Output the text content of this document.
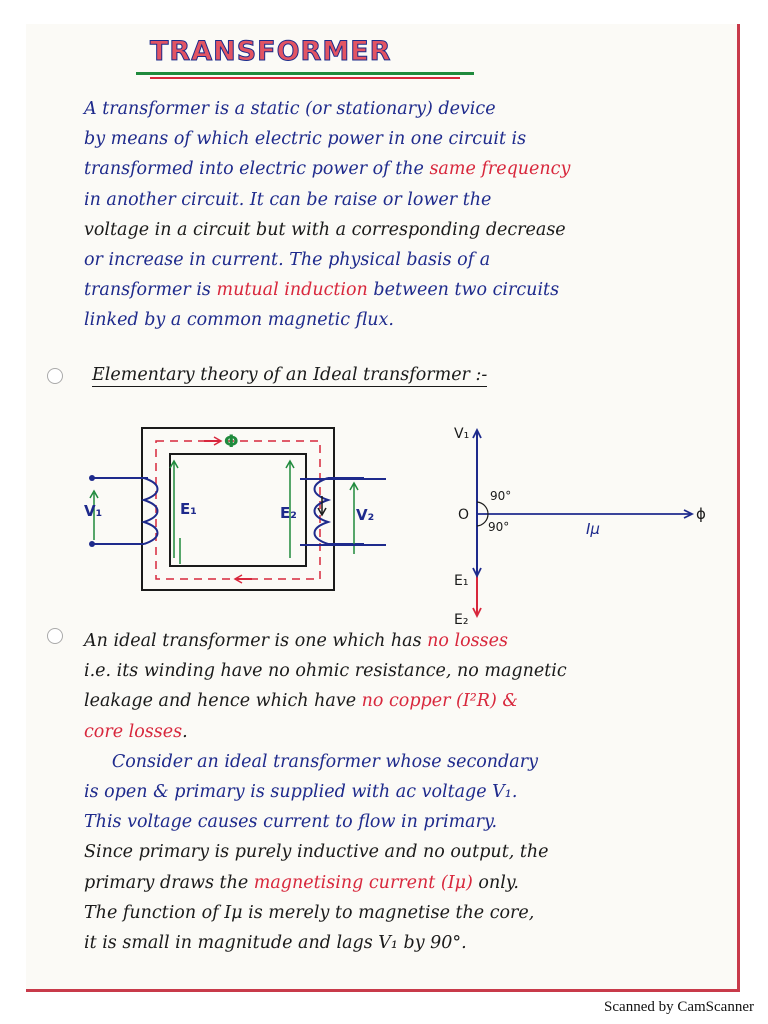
TRANSFORMER
A transformer is a static (or stationary) device
by means of which electric power in one circuit is
transformed into electric power of the same frequency
in another circuit. It can be raise or lower the
voltage in a circuit but with a corresponding decrease
or increase in current. The physical basis of a
transformer is mutual induction between two circuits
linked by a common magnetic flux.
Elementary theory of an Ideal transformer :-
Φ
V₁	E₁	E₂	V₂
V₁
O
90°
90°	Iμ
ϕ
E₁
E₂
An ideal transformer is one which has no losses
i.e. its winding have no ohmic resistance, no magnetic
leakage and hence which have no copper (I²R) &
core losses.
Consider an ideal transformer whose secondary
is open & primary is supplied with ac voltage V₁.
This voltage causes current to flow in primary.
Since primary is purely inductive and no output, the
primary draws the magnetising current (Iμ) only.
The function of Iμ is merely to magnetise the core,
it is small in magnitude and lags V₁ by 90°.
Scanned by CamScanner
